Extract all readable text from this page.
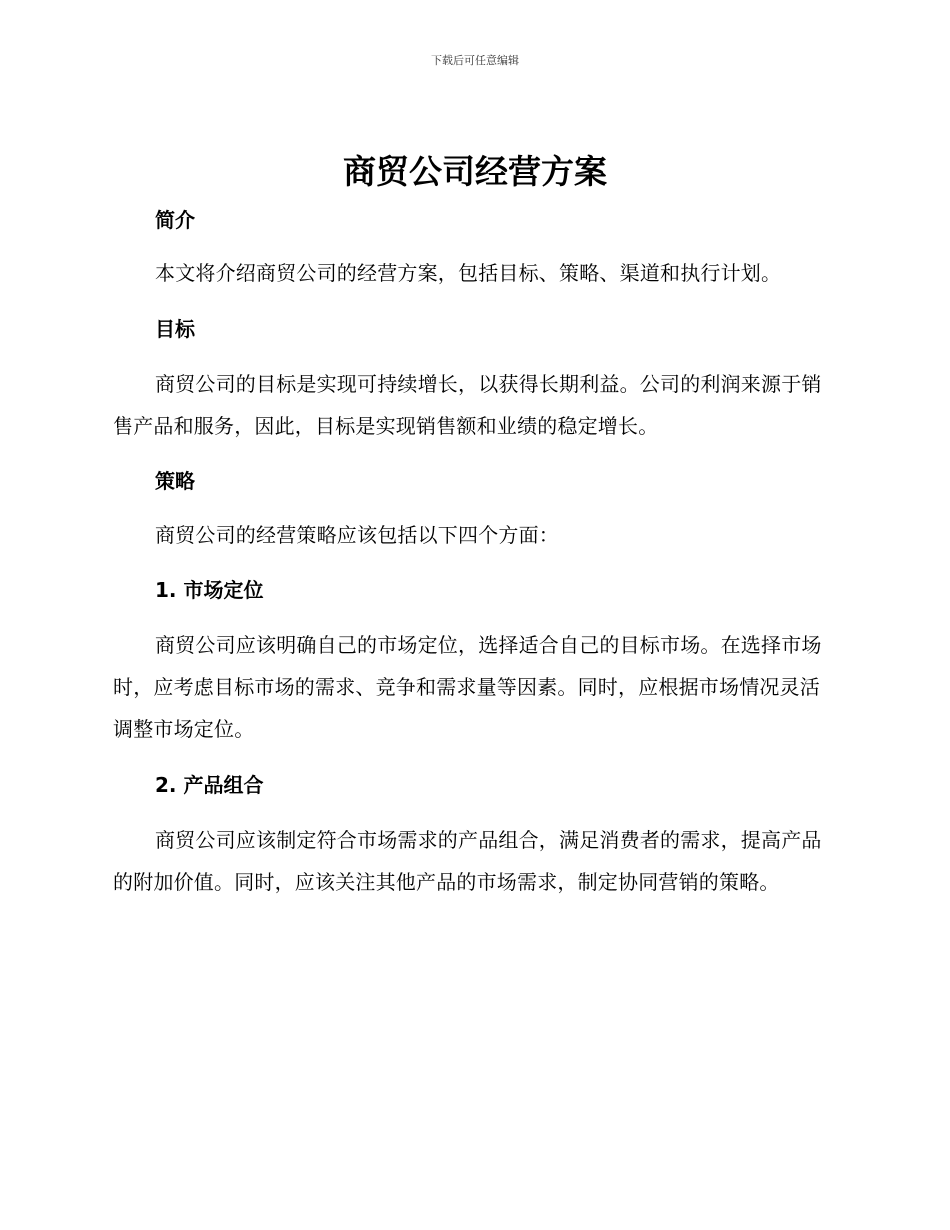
下载后可任意编辑
商贸公司经营方案
简介

本文将介绍商贸公司的经营方案，包括目标、策略、渠道和执行计划。

目标

商贸公司的目标是实现可持续增长，以获得长期利益。公司的利润来源于销售产品和服务，因此，目标是实现销售额和业绩的稳定增长。

策略

商贸公司的经营策略应该包括以下四个方面：

1. 市场定位

商贸公司应该明确自己的市场定位，选择适合自己的目标市场。在选择市场时，应考虑目标市场的需求、竞争和需求量等因素。同时，应根据市场情况灵活调整市场定位。

2. 产品组合

商贸公司应该制定符合市场需求的产品组合，满足消费者的需求，提高产品的附加价值。同时，应该关注其他产品的市场需求，制定协同营销的策略。
